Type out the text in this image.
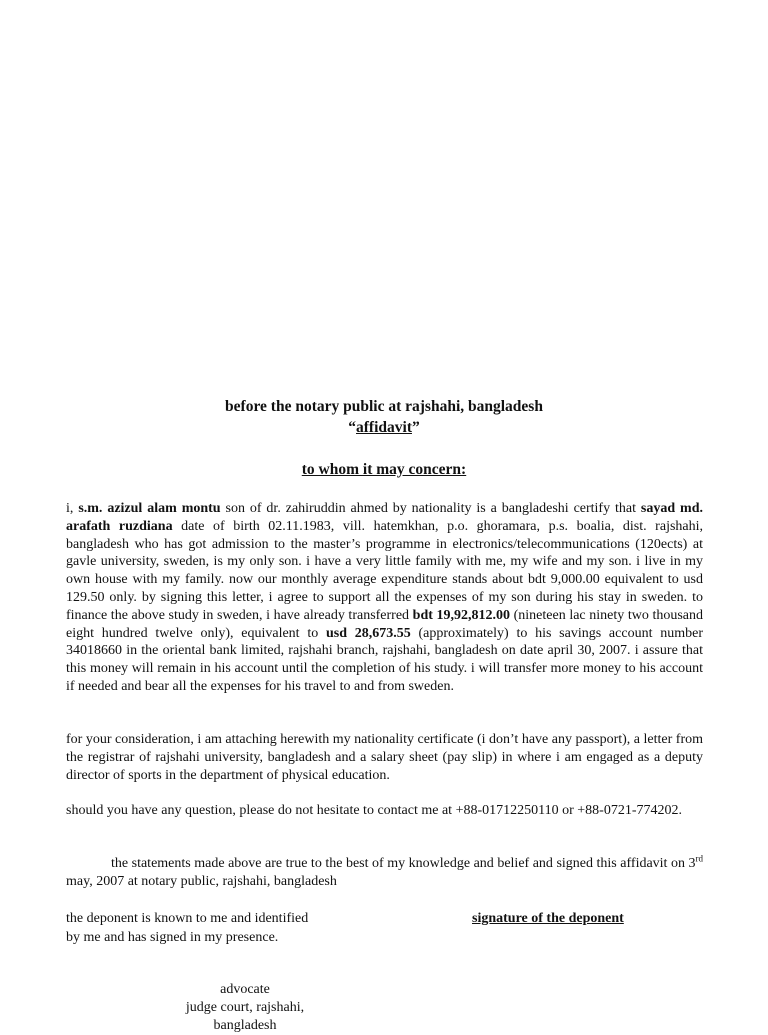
before the notary public at rajshahi, bangladesh
“affidavit”
to whom it may concern:

i, s.m. azizul alam montu son of dr. zahiruddin ahmed by nationality is a bangladeshi certify that sayad md. arafath ruzdiana date of birth 02.11.1983, vill. hatemkhan, p.o. ghoramara, p.s. boalia, dist. rajshahi, bangladesh who has got admission to the master’s programme in electronics/telecommunications (120ects) at gavle university, sweden, is my only son. i have a very little family with me, my wife and my son. i live in my own house with my family. now our monthly average expenditure stands about bdt 9,000.00 equivalent to usd 129.50 only. by signing this letter, i agree to support all the expenses of my son during his stay in sweden. to finance the above study in sweden, i have already transferred bdt 19,92,812.00 (nineteen lac ninety two thousand eight hundred twelve only), equivalent to usd 28,673.55 (approximately) to his savings account number 34018660 in the oriental bank limited, rajshahi branch, rajshahi, bangladesh on date april 30, 2007. i assure that this money will remain in his account until the completion of his study. i will transfer more money to his account if needed and bear all the expenses for his travel to and from sweden.

for your consideration, i am attaching herewith my nationality certificate (i don’t have any passport), a letter from the registrar of rajshahi university, bangladesh and a salary sheet (pay slip) in where i am engaged as a deputy director of sports in the department of physical education.

should you have any question, please do not hesitate to contact me at +88-01712250110 or +88-0721-774202.

the statements made above are true to the best of my knowledge and belief and signed this affidavit on 3rd may, 2007 at notary public, rajshahi, bangladesh

the deponent is known to me and identified
by me and has signed in my presence.
signature of the deponent
advocate
judge court, rajshahi,
bangladesh
